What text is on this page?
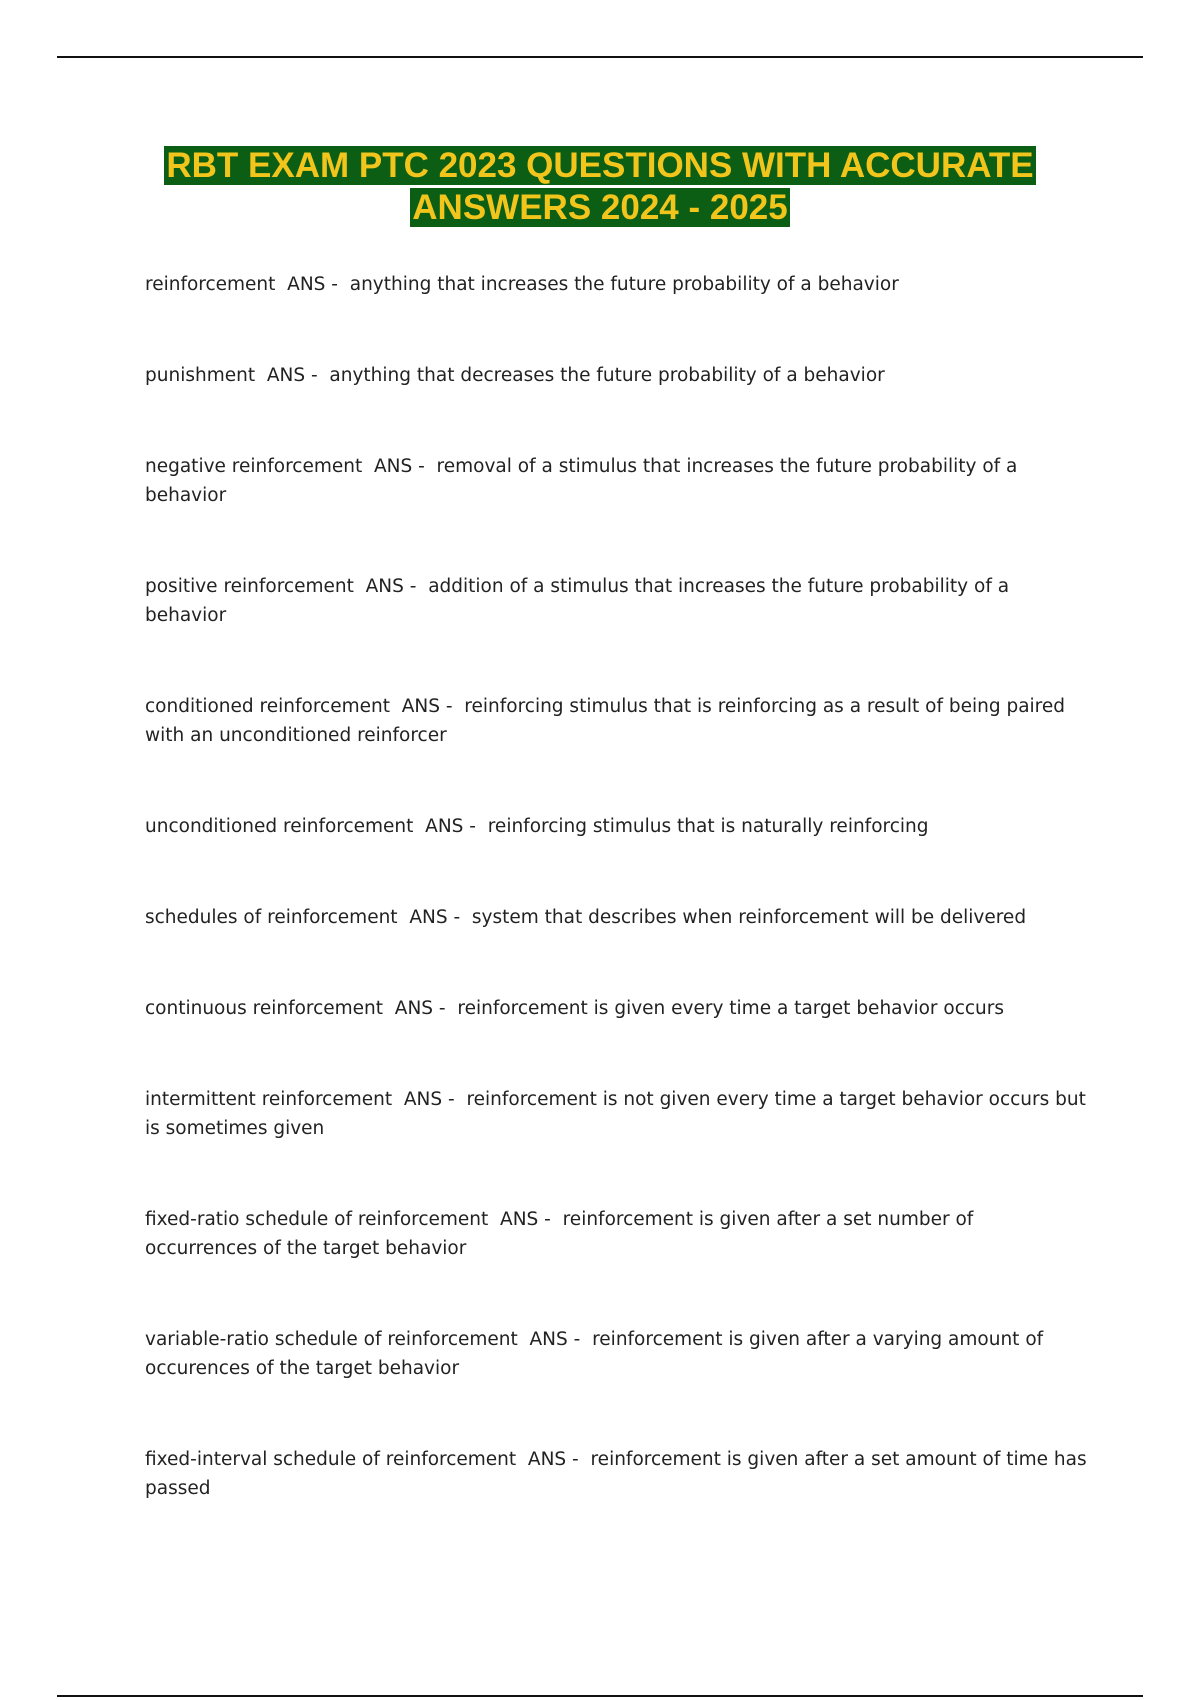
RBT EXAM PTC 2023 QUESTIONS WITH ACCURATE
ANSWERS 2024 - 2025
reinforcement  ANS -  anything that increases the future probability of a behavior
punishment  ANS -  anything that decreases the future probability of a behavior
negative reinforcement  ANS -  removal of a stimulus that increases the future probability of a behavior
positive reinforcement  ANS -  addition of a stimulus that increases the future probability of a behavior
conditioned reinforcement  ANS -  reinforcing stimulus that is reinforcing as a result of being paired with an unconditioned reinforcer
unconditioned reinforcement  ANS -  reinforcing stimulus that is naturally reinforcing
schedules of reinforcement  ANS -  system that describes when reinforcement will be delivered
continuous reinforcement  ANS -  reinforcement is given every time a target behavior occurs
intermittent reinforcement  ANS -  reinforcement is not given every time a target behavior occurs but is sometimes given
fixed-ratio schedule of reinforcement  ANS -  reinforcement is given after a set number of occurrences of the target behavior
variable-ratio schedule of reinforcement  ANS -  reinforcement is given after a varying amount of occurences of the target behavior
fixed-interval schedule of reinforcement  ANS -  reinforcement is given after a set amount of time has passed
